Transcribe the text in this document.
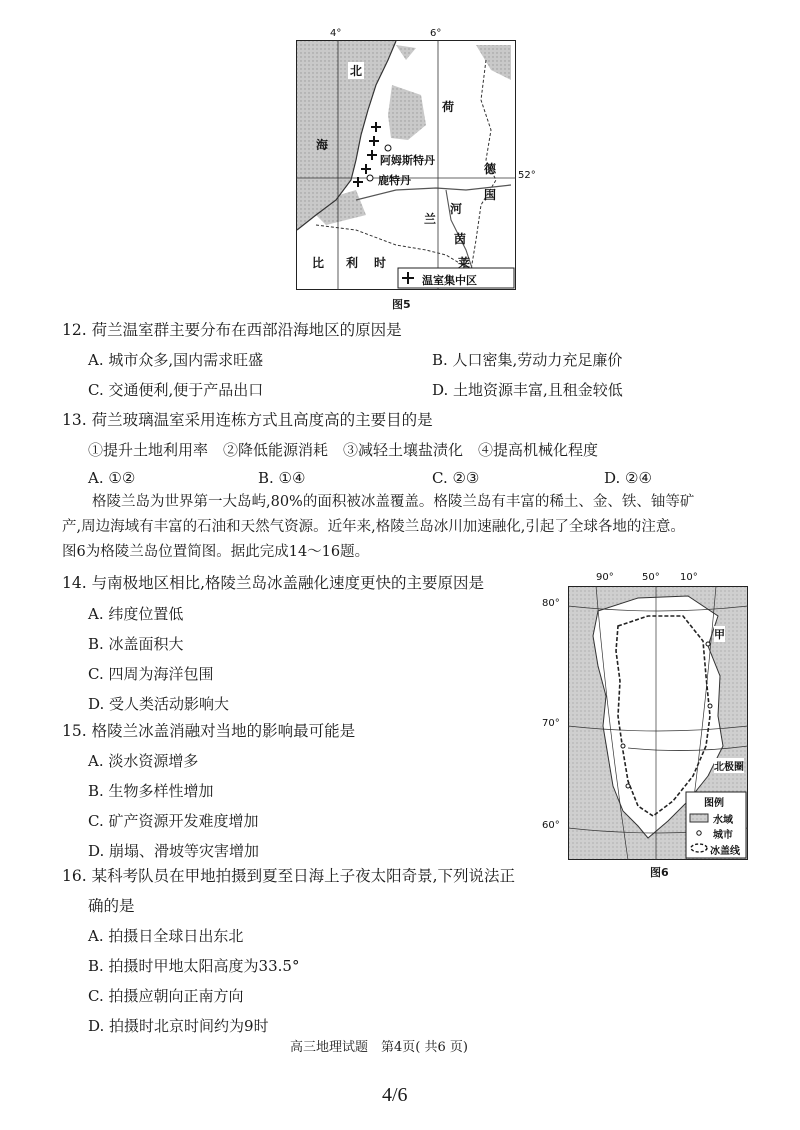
4°	6°
52°
北
海
荷
兰
德
国
比 利 时
河
茵
莱
阿姆斯特丹
鹿特丹
温室集中区
图5
12. 荷兰温室群主要分布在西部沿海地区的原因是
A. 城市众多,国内需求旺盛	B. 人口密集,劳动力充足廉价
C. 交通便利,便于产品出口	D. 土地资源丰富,且租金较低
13. 荷兰玻璃温室采用连栋方式且高度高的主要目的是
①提升土地利用率　②降低能源消耗　③减轻土壤盐渍化　④提高机械化程度
A. ①②	B. ①④	C. ②③	D. ②④
格陵兰岛为世界第一大岛屿,80%的面积被冰盖覆盖。格陵兰岛有丰富的稀土、金、铁、铀等矿
产,周边海域有丰富的石油和天然气资源。近年来,格陵兰岛冰川加速融化,引起了全球各地的注意。
图6为格陵兰岛位置简图。据此完成14～16题。
14. 与南极地区相比,格陵兰岛冰盖融化速度更快的主要原因是
A. 纬度位置低
B. 冰盖面积大
C. 四周为海洋包围
D. 受人类活动影响大
15. 格陵兰冰盖消融对当地的影响最可能是
A. 淡水资源增多
B. 生物多样性增加
C. 矿产资源开发难度增加
D. 崩塌、滑坡等灾害增加
16. 某科考队员在甲地拍摄到夏至日海上子夜太阳奇景,下列说法正
确的是
A. 拍摄日全球日出东北
B. 拍摄时甲地太阳高度为33.5°
C. 拍摄应朝向正南方向
D. 拍摄时北京时间约为9时
90°	50° 10°
80°
70°
60°
甲
北极圈
图例
水域
城市
冰盖线
图6
高三地理试题　第4页( 共6 页)
4/6
